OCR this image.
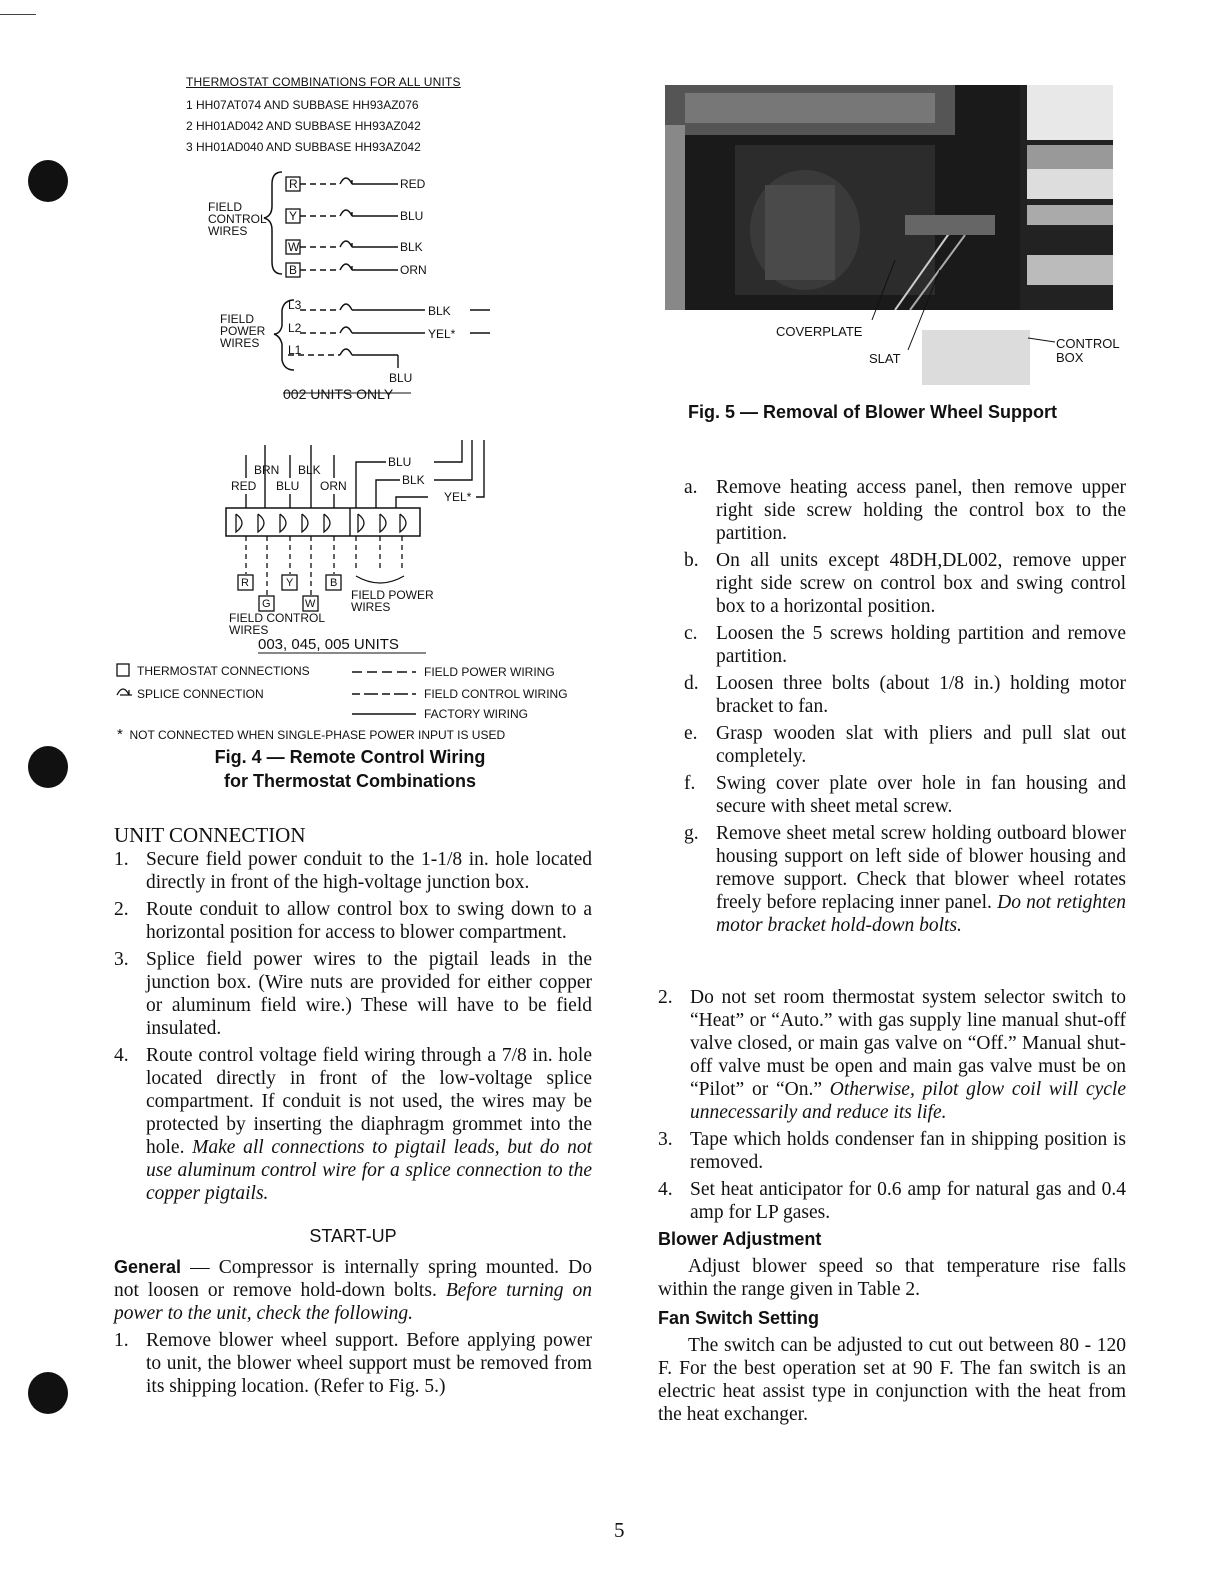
THERMOSTAT COMBINATIONS FOR ALL UNITS
1 HH07AT074 AND SUBBASE HH93AZ076
2 HH01AD042 AND SUBBASE HH93AZ042
3 HH01AD040 AND SUBBASE HH93AZ042
FIELD
CONTROL
WIRES
R
Y
W
B
RED
BLU
BLK
ORN
FIELD
POWER
WIRES
L3
L2
L1
BLK
YEL*
BLU
002 UNITS ONLY
BRN BLK
BLU
BLK
RED BLU ORN
YEL*
R	Y	B
G	W
FIELD POWER
WIRES
FIELD CONTROL
WIRES
003, 045, 005 UNITS
THERMOSTAT CONNECTIONS
SPLICE CONNECTION
FIELD POWER WIRING
FIELD CONTROL WIRING
FACTORY WIRING
* NOT CONNECTED WHEN SINGLE-PHASE POWER INPUT IS USED
Fig. 4 — Remote Control Wiring
for Thermostat Combinations
COVERPLATE
SLAT
CONTROL
BOX
Fig. 5 — Removal of Blower Wheel Support
UNIT CONNECTION
1. Secure field power conduit to the 1-1/8 in. hole located directly in front of the high-voltage junction box.
2. Route conduit to allow control box to swing down to a horizontal position for access to blower compartment.
3. Splice field power wires to the pigtail leads in the junction box. (Wire nuts are provided for either copper or aluminum field wire.) These will have to be field insulated.
4. Route control voltage field wiring through a 7/8 in. hole located directly in front of the low-voltage splice compartment. If conduit is not used, the wires may be protected by inserting the diaphragm grommet into the hole. Make all connections to pigtail leads, but do not use aluminum control wire for a splice connection to the copper pigtails.
START-UP
General — Compressor is internally spring mounted. Do not loosen or remove hold-down bolts. Before turning on power to the unit, check the following.
1. Remove blower wheel support. Before applying power to unit, the blower wheel support must be removed from its shipping location. (Refer to Fig. 5.)
a. Remove heating access panel, then remove upper right side screw holding the control box to the partition.
b. On all units except 48DH,DL002, remove upper right side screw on control box and swing control box to a horizontal position.
c. Loosen the 5 screws holding partition and remove partition.
d. Loosen three bolts (about 1/8 in.) holding motor bracket to fan.
e. Grasp wooden slat with pliers and pull slat out completely.
f. Swing cover plate over hole in fan housing and secure with sheet metal screw.
g. Remove sheet metal screw holding outboard blower housing support on left side of blower housing and remove support. Check that blower wheel rotates freely before replacing inner panel. Do not retighten motor bracket hold-down bolts.
2. Do not set room thermostat system selector switch to “Heat” or “Auto.” with gas supply line manual shut-off valve closed, or main gas valve on “Off.” Manual shut-off valve must be open and main gas valve must be on “Pilot” or “On.” Otherwise, pilot glow coil will cycle unnecessarily and reduce its life.
3. Tape which holds condenser fan in shipping position is removed.
4. Set heat anticipator for 0.6 amp for natural gas and 0.4 amp for LP gases.
Blower Adjustment
Adjust blower speed so that temperature rise falls within the range given in Table 2.
Fan Switch Setting
The switch can be adjusted to cut out between 80 - 120 F. For the best operation set at 90 F. The fan switch is an electric heat assist type in conjunction with the heat from the heat exchanger.
5
